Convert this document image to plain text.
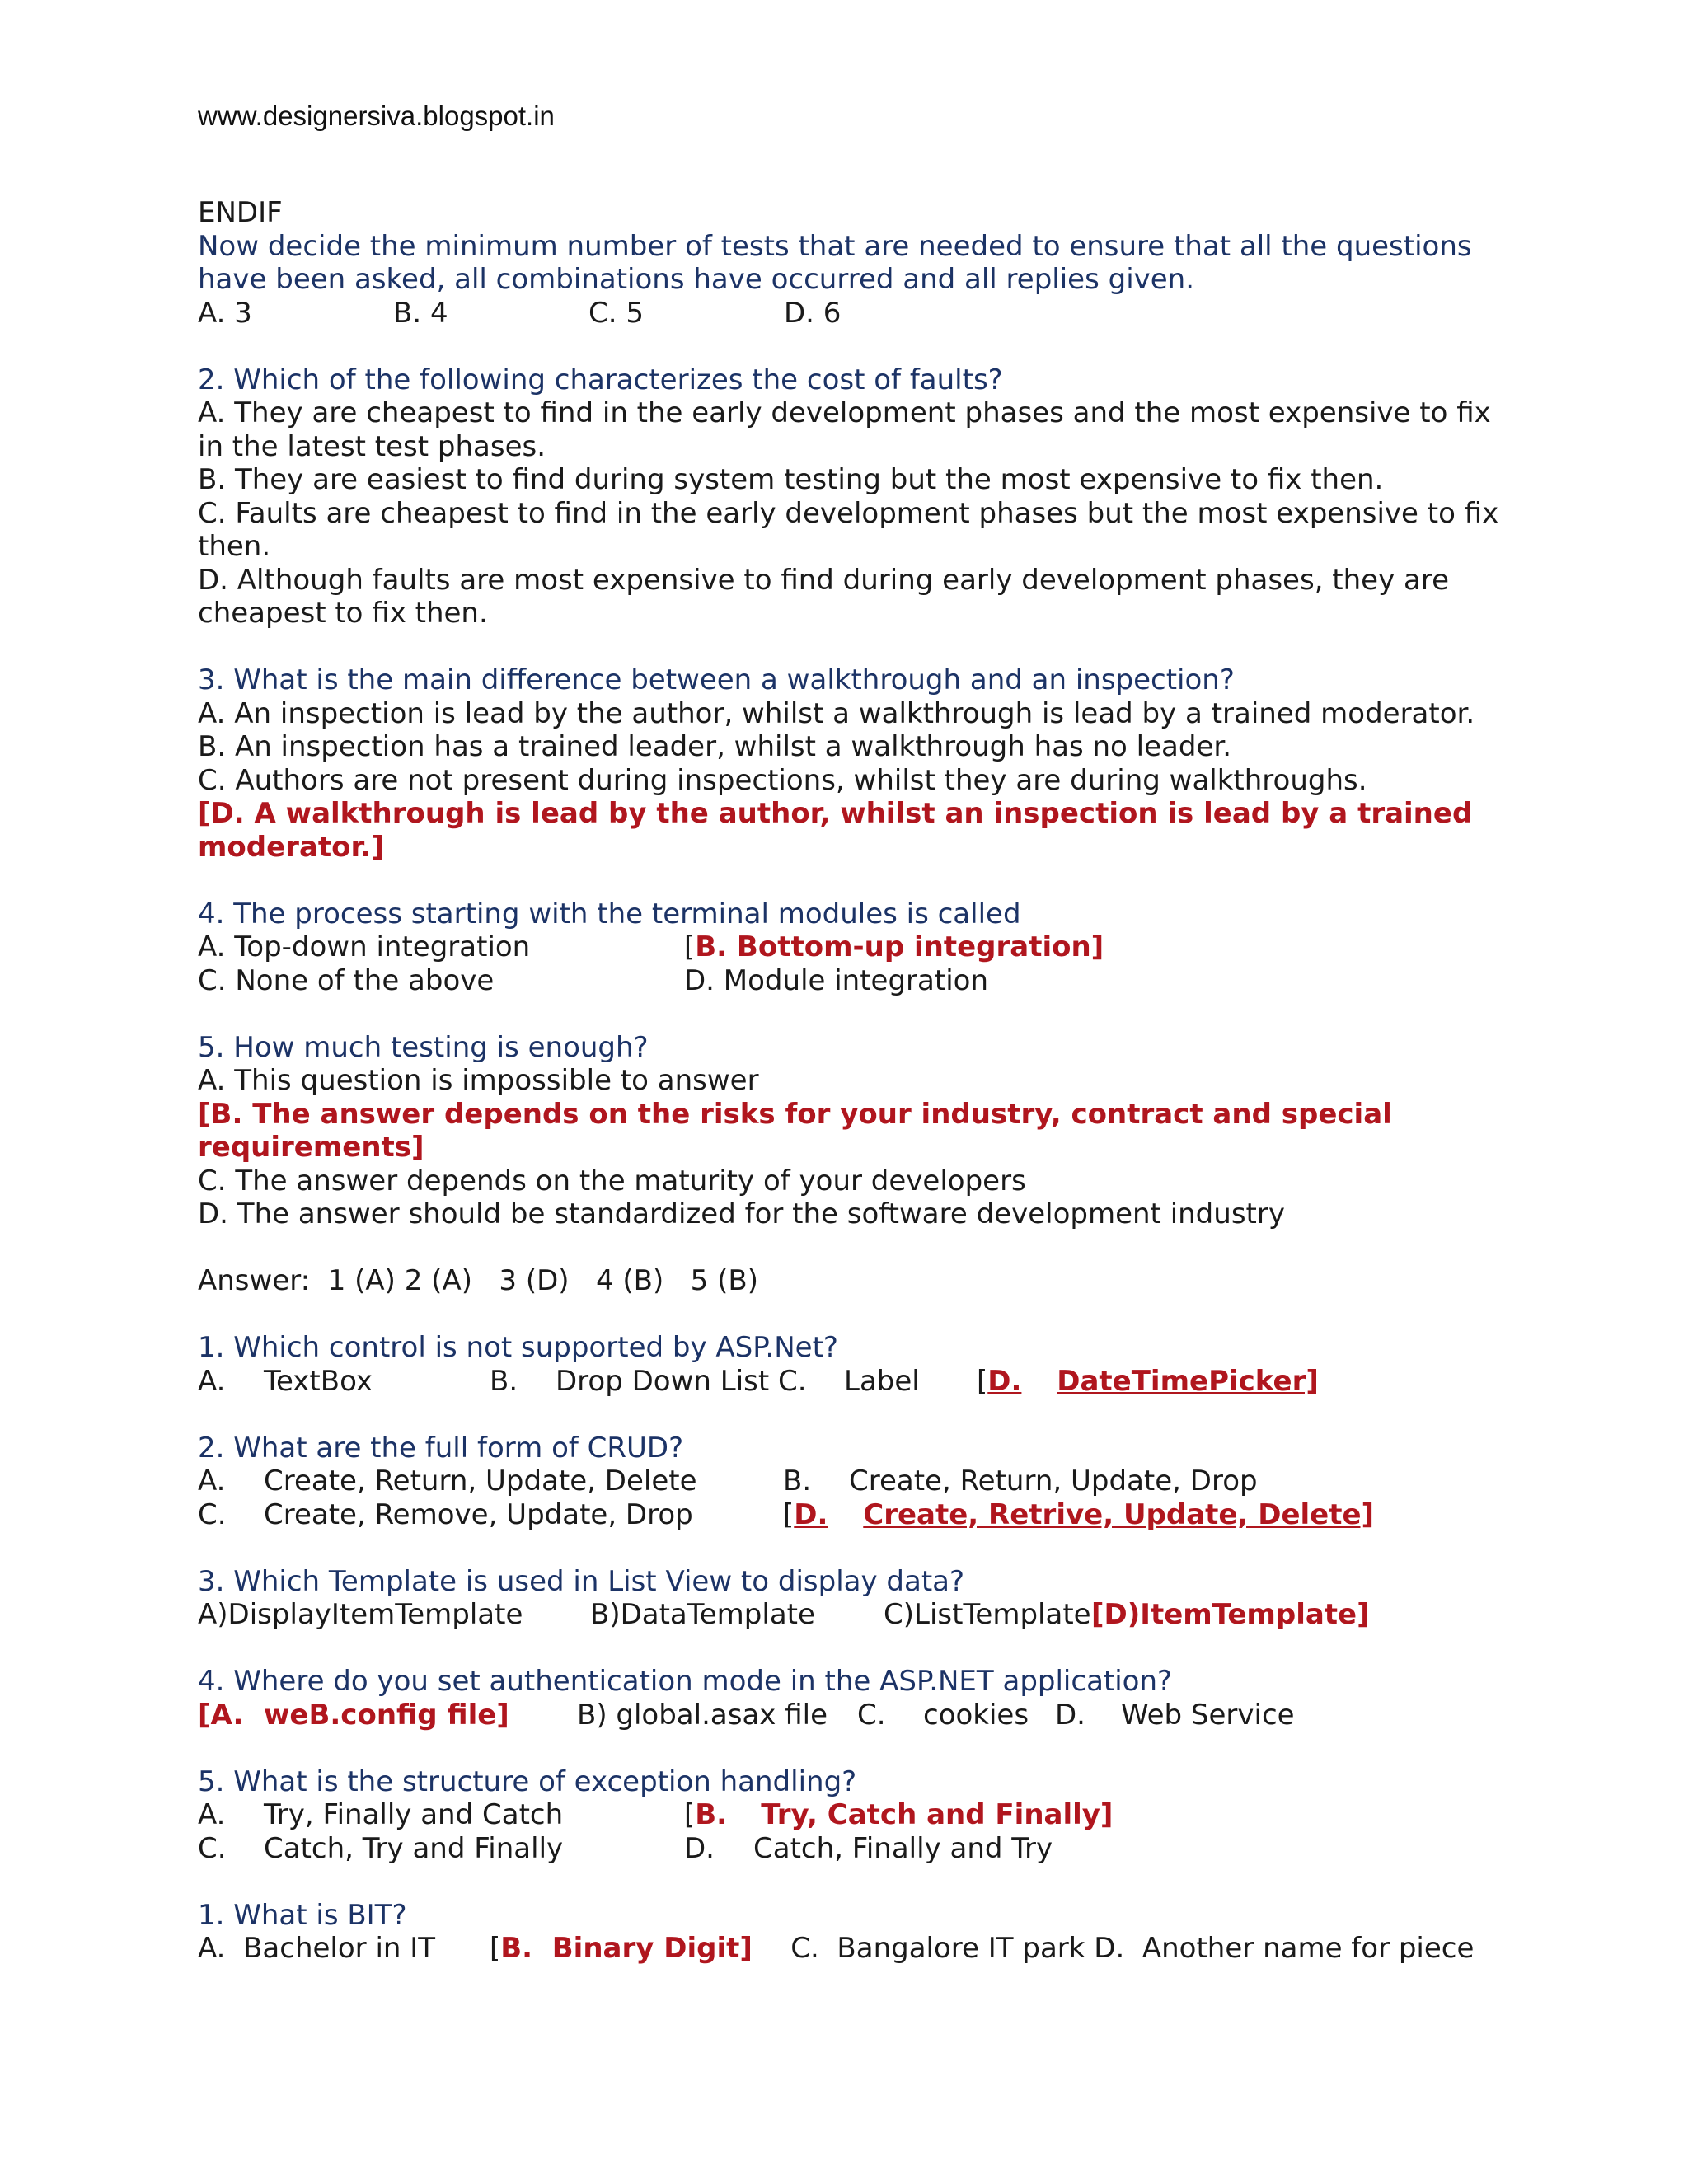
www.designersiva.blogspot.in
ENDIF
Now decide the minimum number of tests that are needed to ensure that all the questions have been asked, all combinations have occurred and all replies given.
A. 3	B. 4	C. 5	D. 6
2. Which of the following characterizes the cost of faults?
A. They are cheapest to find in the early development phases and the most expensive to fix in the latest test phases.
B. They are easiest to find during system testing but the most expensive to fix then.
C. Faults are cheapest to find in the early development phases but the most expensive to fix then.
D. Although faults are most expensive to find during early development phases, they are cheapest to fix then.
3. What is the main difference between a walkthrough and an inspection?
A. An inspection is lead by the author, whilst a walkthrough is lead by a trained moderator.
B. An inspection has a trained leader, whilst a walkthrough has no leader.
C. Authors are not present during inspections, whilst they are during walkthroughs.
[D. A walkthrough is lead by the author, whilst an inspection is lead by a trained moderator.]
4. The process starting with the terminal modules is called
A. Top-down integration	[ B. Bottom-up integration]
C. None of the above	D. Module integration
5. How much testing is enough?
A. This question is impossible to answer
[B. The answer depends on the risks for your industry, contract and special requirements]
C. The answer depends on the maturity of your developers
D. The answer should be standardized for the software development industry
Answer:  1 (A) 2 (A)   3 (D)   4 (B)   5 (B)
1. Which control is not supported by ASP.Net?
A.	TextBox	B.	Drop Down List C.	Label	[ D.	DateTimePicker]
2. What are the full form of CRUD?
A.	Create, Return, Update, Delete	B.	Create, Return, Update, Drop
C.	Create, Remove, Update, Drop	[ D.	Create, Retrive, Update, Delete]
3. Which Template is used in List View to display data?
A)DisplayItemTemplate	B)DataTemplate	C)ListTemplate [D)ItemTemplate]
4. Where do you set authentication mode in the ASP.NET application?
[A. weB.config file]	B) global.asax file	C.	cookies D.	Web Service
5. What is the structure of exception handling?
A.	Try, Finally and Catch	[ B.	Try, Catch and Finally]
C.	Catch, Try and Finally	D.	Catch, Finally and Try
1. What is BIT?
A.  Bachelor in IT	[ B.  Binary Digit]	C.  Bangalore IT park D.  Another name for piece
